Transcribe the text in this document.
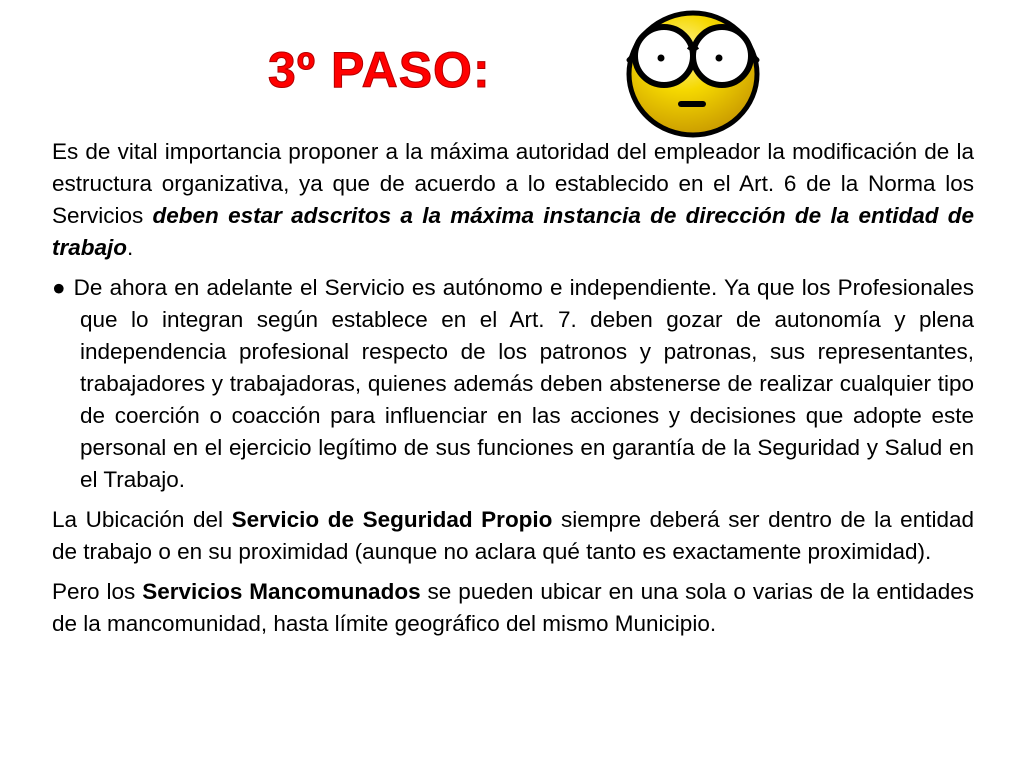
3º PASO:

Es de vital importancia proponer a la máxima autoridad del empleador la modificación de la estructura organizativa, ya que de acuerdo a lo establecido en el Art. 6 de la Norma los Servicios deben estar adscritos a la máxima instancia de dirección de la entidad de trabajo.

● De ahora en adelante el Servicio es autónomo e independiente. Ya que los Profesionales que lo integran según establece en el Art. 7. deben gozar de autonomía y plena independencia profesional respecto de los patronos y patronas, sus representantes, trabajadores y trabajadoras, quienes además deben abstenerse de realizar cualquier tipo de coerción o coacción para influenciar en las acciones y decisiones que adopte este personal en el ejercicio legítimo de sus funciones en garantía de la Seguridad y Salud en el Trabajo.

La Ubicación del Servicio de Seguridad Propio siempre deberá ser dentro de la entidad de trabajo o en su proximidad (aunque no aclara qué tanto es exactamente proximidad).

Pero los Servicios Mancomunados se pueden ubicar en una sola o varias de la entidades de la mancomunidad, hasta límite geográfico del mismo Municipio.
